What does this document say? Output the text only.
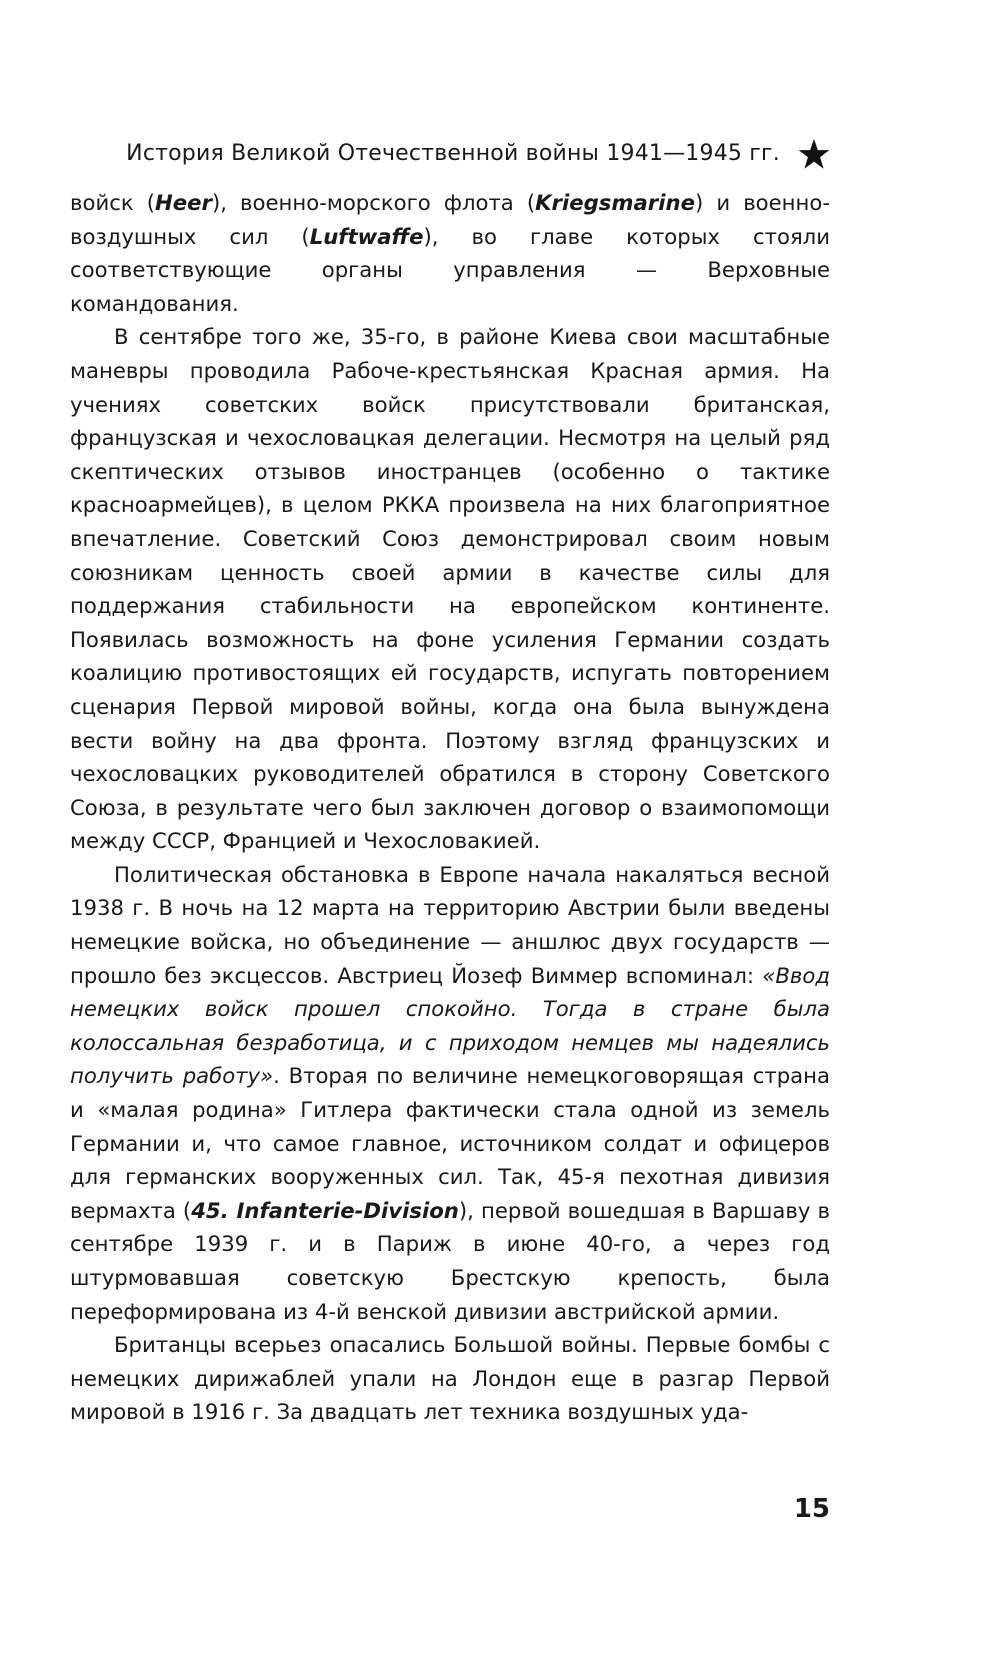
История Великой Отечественной войны 1941—1945 гг.

войск (Heer), военно-морского флота (Kriegsmarine) и военно-воздушных сил (Luftwaffe), во главе которых стояли соответствующие органы управления — Верховные командования.

В сентябре того же, 35-го, в районе Киева свои масштабные маневры проводила Рабоче-крестьянская Красная армия. На учениях советских войск присутствовали британская, французская и чехословацкая делегации. Несмотря на целый ряд скептических отзывов иностранцев (особенно о тактике красноармейцев), в целом РККА произвела на них благоприятное впечатление. Советский Союз демонстрировал своим новым союзникам ценность своей армии в качестве силы для поддержания стабильности на европейском континенте. Появилась возможность на фоне усиления Германии создать коалицию противостоящих ей государств, испугать повторением сценария Первой мировой войны, когда она была вынуждена вести войну на два фронта. Поэтому взгляд французских и чехословацких руководителей обратился в сторону Советского Союза, в результате чего был заключен договор о взаимопомощи между СССР, Францией и Чехословакией.

Политическая обстановка в Европе начала накаляться весной 1938 г. В ночь на 12 марта на территорию Австрии были введены немецкие войска, но объединение — аншлюс двух государств — прошло без эксцессов. Австриец Йозеф Виммер вспоминал: «Ввод немецких войск прошел спокойно. Тогда в стране была колоссальная безработица, и с приходом немцев мы надеялись получить работу». Вторая по величине немецкоговорящая страна и «малая родина» Гитлера фактически стала одной из земель Германии и, что самое главное, источником солдат и офицеров для германских вооруженных сил. Так, 45-я пехотная дивизия вермахта (45. Infanterie-Division), первой вошедшая в Варшаву в сентябре 1939 г. и в Париж в июне 40-го, а через год штурмовавшая советскую Брестскую крепость, была переформирована из 4-й венской дивизии австрийской армии.

Британцы всерьез опасались Большой войны. Первые бомбы с немецких дирижаблей упали на Лондон еще в разгар Первой мировой в 1916 г. За двадцать лет техника воздушных уда-

15
